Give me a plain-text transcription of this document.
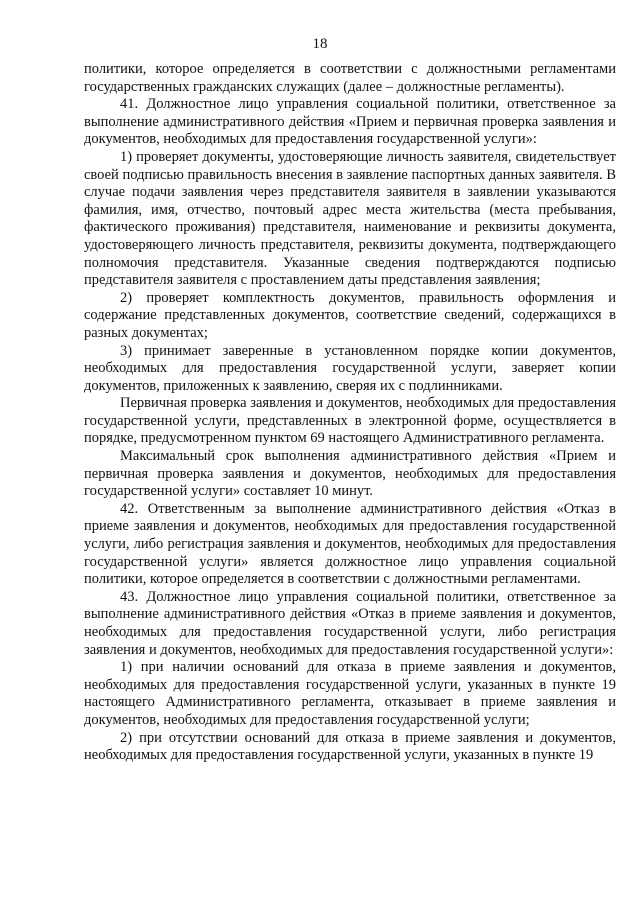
18

политики, которое определяется в соответствии с должностными регламентами государственных гражданских служащих (далее – должностные регламенты).

41. Должностное лицо управления социальной политики, ответственное за выполнение административного действия «Прием и первичная проверка заявления и документов, необходимых для предоставления государственной услуги»:

1) проверяет документы, удостоверяющие личность заявителя, свидетельствует своей подписью правильность внесения в заявление паспортных данных заявителя. В случае подачи заявления через представителя заявителя в заявлении указываются фамилия, имя, отчество, почтовый адрес места жительства (места пребывания, фактического проживания) представителя, наименование и реквизиты документа, удостоверяющего личность представителя, реквизиты документа, подтверждающего полномочия представителя. Указанные сведения подтверждаются подписью представителя заявителя с проставлением даты представления заявления;

2) проверяет комплектность документов, правильность оформления и содержание представленных документов, соответствие сведений, содержащихся в разных документах;

3) принимает заверенные в установленном порядке копии документов, необходимых для предоставления государственной услуги, заверяет копии документов, приложенных к заявлению, сверяя их с подлинниками.

Первичная проверка заявления и документов, необходимых для предоставления государственной услуги, представленных в электронной форме, осуществляется в порядке, предусмотренном пунктом 69 настоящего Административного регламента.

Максимальный срок выполнения административного действия «Прием и первичная проверка заявления и документов, необходимых для предоставления государственной услуги» составляет 10 минут.

42. Ответственным за выполнение административного действия «Отказ в приеме заявления и документов, необходимых для предоставления государственной услуги, либо регистрация заявления и документов, необходимых для предоставления государственной услуги» является должностное лицо управления социальной политики, которое определяется в соответствии с должностными регламентами.

43. Должностное лицо управления социальной политики, ответственное за выполнение административного действия «Отказ в приеме заявления и документов, необходимых для предоставления государственной услуги, либо регистрация заявления и документов, необходимых для предоставления государственной услуги»:

1) при наличии оснований для отказа в приеме заявления и документов, необходимых для предоставления государственной услуги, указанных в пункте 19 настоящего Административного регламента, отказывает в приеме заявления и документов, необходимых для предоставления государственной услуги;

2) при отсутствии оснований для отказа в приеме заявления и документов, необходимых для предоставления государственной услуги, указанных в пункте 19
